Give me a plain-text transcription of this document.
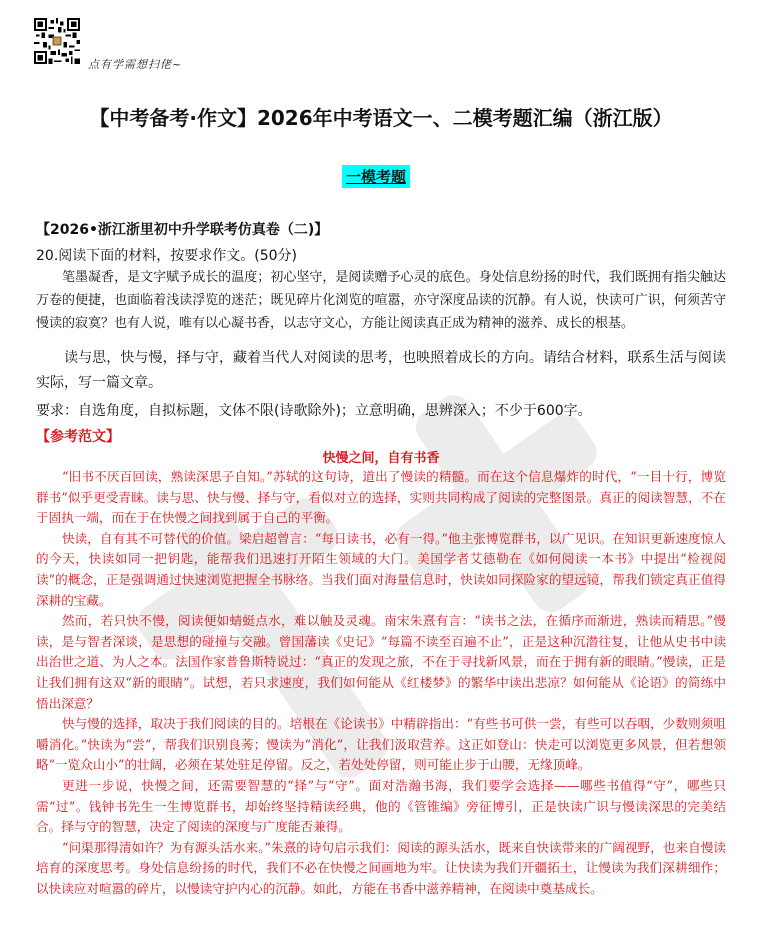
点有学需想扫佬~
【中考备考·作文】2026年中考语文一、二模考题汇编（浙江版）
一模考题
【2026•浙江浙里初中升学联考仿真卷（二)】
20.阅读下面的材料，按要求作文。(50分)

笔墨凝香，是文字赋予成长的温度；初心坚守，是阅读赠予心灵的底色。身处信息纷扬的时代，我们既拥有指尖触达万卷的便捷，也面临着浅读浮览的迷茫；既见碎片化浏览的喧嚣，亦守深度品读的沉静。有人说，快读可广识，何须苦守慢读的寂寞？也有人说，唯有以心凝书香，以志守文心，方能让阅读真正成为精神的滋养、成长的根基。

读与思，快与慢，择与守，藏着当代人对阅读的思考，也映照着成长的方向。请结合材料，联系生活与阅读实际，写一篇文章。

要求：自选角度，自拟标题，文体不限(诗歌除外)；立意明确，思辨深入；不少于600字。
【参考范文】
快慢之间，自有书香

“旧书不厌百回读，熟读深思子自知。”苏轼的这句诗，道出了慢读的精髓。而在这个信息爆炸的时代，“一目十行，博览群书”似乎更受青睐。读与思、快与慢、择与守，看似对立的选择，实则共同构成了阅读的完整图景。真正的阅读智慧，不在于固执一端，而在于在快慢之间找到属于自己的平衡。

快读，自有其不可替代的价值。梁启超曾言：“每日读书，必有一得。”他主张博览群书，以广见识。在知识更新速度惊人的今天，快读如同一把钥匙，能帮我们迅速打开陌生领域的大门。美国学者艾德勒在《如何阅读一本书》中提出“检视阅读”的概念，正是强调通过快速浏览把握全书脉络。当我们面对海量信息时，快读如同探险家的望远镜，帮我们锁定真正值得深耕的宝藏。

然而，若只快不慢，阅读便如蜻蜓点水，难以触及灵魂。南宋朱熹有言：“读书之法，在循序而渐进，熟读而精思。”慢读，是与智者深谈，是思想的碰撞与交融。曾国藩读《史记》“每篇不读至百遍不止”，正是这种沉潜往复，让他从史书中读出治世之道、为人之本。法国作家普鲁斯特说过：“真正的发现之旅，不在于寻找新风景，而在于拥有新的眼睛。”慢读，正是让我们拥有这双“新的眼睛”。试想，若只求速度，我们如何能从《红楼梦》的繁华中读出悲凉？如何能从《论语》的简练中悟出深意？

快与慢的选择，取决于我们阅读的目的。培根在《论读书》中精辟指出：“有些书可供一尝，有些可以吞咽，少数则须咀嚼消化。”快读为“尝”，帮我们识别良莠；慢读为“消化”，让我们汲取营养。这正如登山：快走可以浏览更多风景，但若想领略“一览众山小”的壮阔，必须在某处驻足停留。反之，若处处停留，则可能止步于山腰，无缘顶峰。

更进一步说，快慢之间，还需要智慧的“择”与“守”。面对浩瀚书海，我们要学会选择——哪些书值得“守”，哪些只需“过”。钱钟书先生一生博览群书，却始终坚持精读经典，他的《管锥编》旁征博引，正是快读广识与慢读深思的完美结合。择与守的智慧，决定了阅读的深度与广度能否兼得。

“问渠那得清如许？为有源头活水来。”朱熹的诗句启示我们：阅读的源头活水，既来自快读带来的广阔视野，也来自慢读培育的深度思考。身处信息纷扬的时代，我们不必在快慢之间画地为牢。让快读为我们开疆拓土，让慢读为我们深耕细作；以快读应对喧嚣的碎片，以慢读守护内心的沉静。如此，方能在书香中滋养精神，在阅读中奠基成长。
